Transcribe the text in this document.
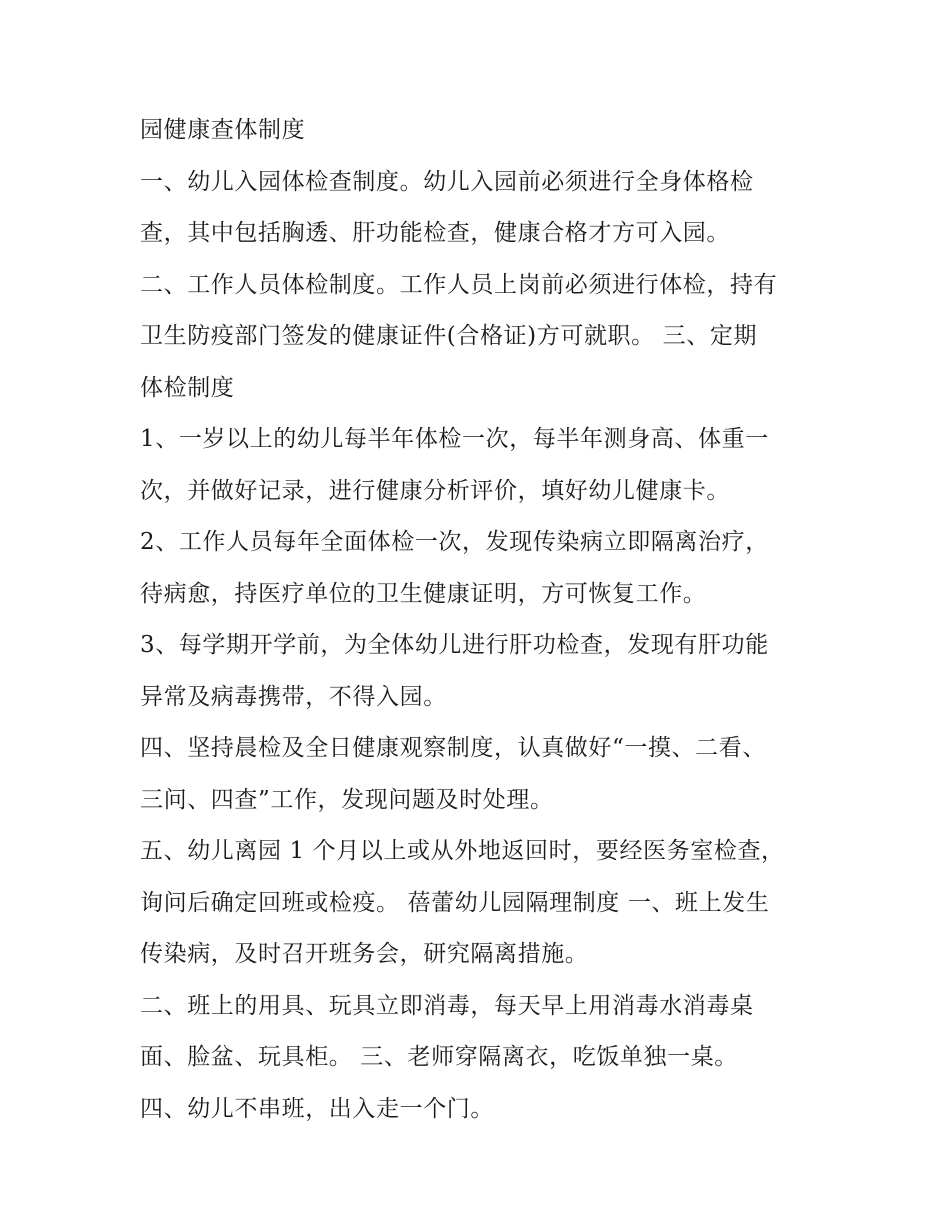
园健康查体制度
一、幼儿入园体检查制度。幼儿入园前必须进行全身体格检
查，其中包括胸透、肝功能检查，健康合格才方可入园。
二、工作人员体检制度。工作人员上岗前必须进行体检，持有
卫生防疫部门签发的健康证件(合格证)方可就职。 三、定期
体检制度
1、一岁以上的幼儿每半年体检一次，每半年测身高、体重一
次，并做好记录，进行健康分析评价，填好幼儿健康卡。
2、工作人员每年全面体检一次，发现传染病立即隔离治疗，
待病愈，持医疗单位的卫生健康证明，方可恢复工作。
3、每学期开学前，为全体幼儿进行肝功检查，发现有肝功能
异常及病毒携带，不得入园。
四、坚持晨检及全日健康观察制度，认真做好“一摸、二看、
三问、四查”工作，发现问题及时处理。
五、幼儿离园 1 个月以上或从外地返回时，要经医务室检查，
询问后确定回班或检疫。 蓓蕾幼儿园隔理制度 一、班上发生
传染病，及时召开班务会，研究隔离措施。
二、班上的用具、玩具立即消毒，每天早上用消毒水消毒桌
面、脸盆、玩具柜。 三、老师穿隔离衣，吃饭单独一桌。
四、幼儿不串班，出入走一个门。
